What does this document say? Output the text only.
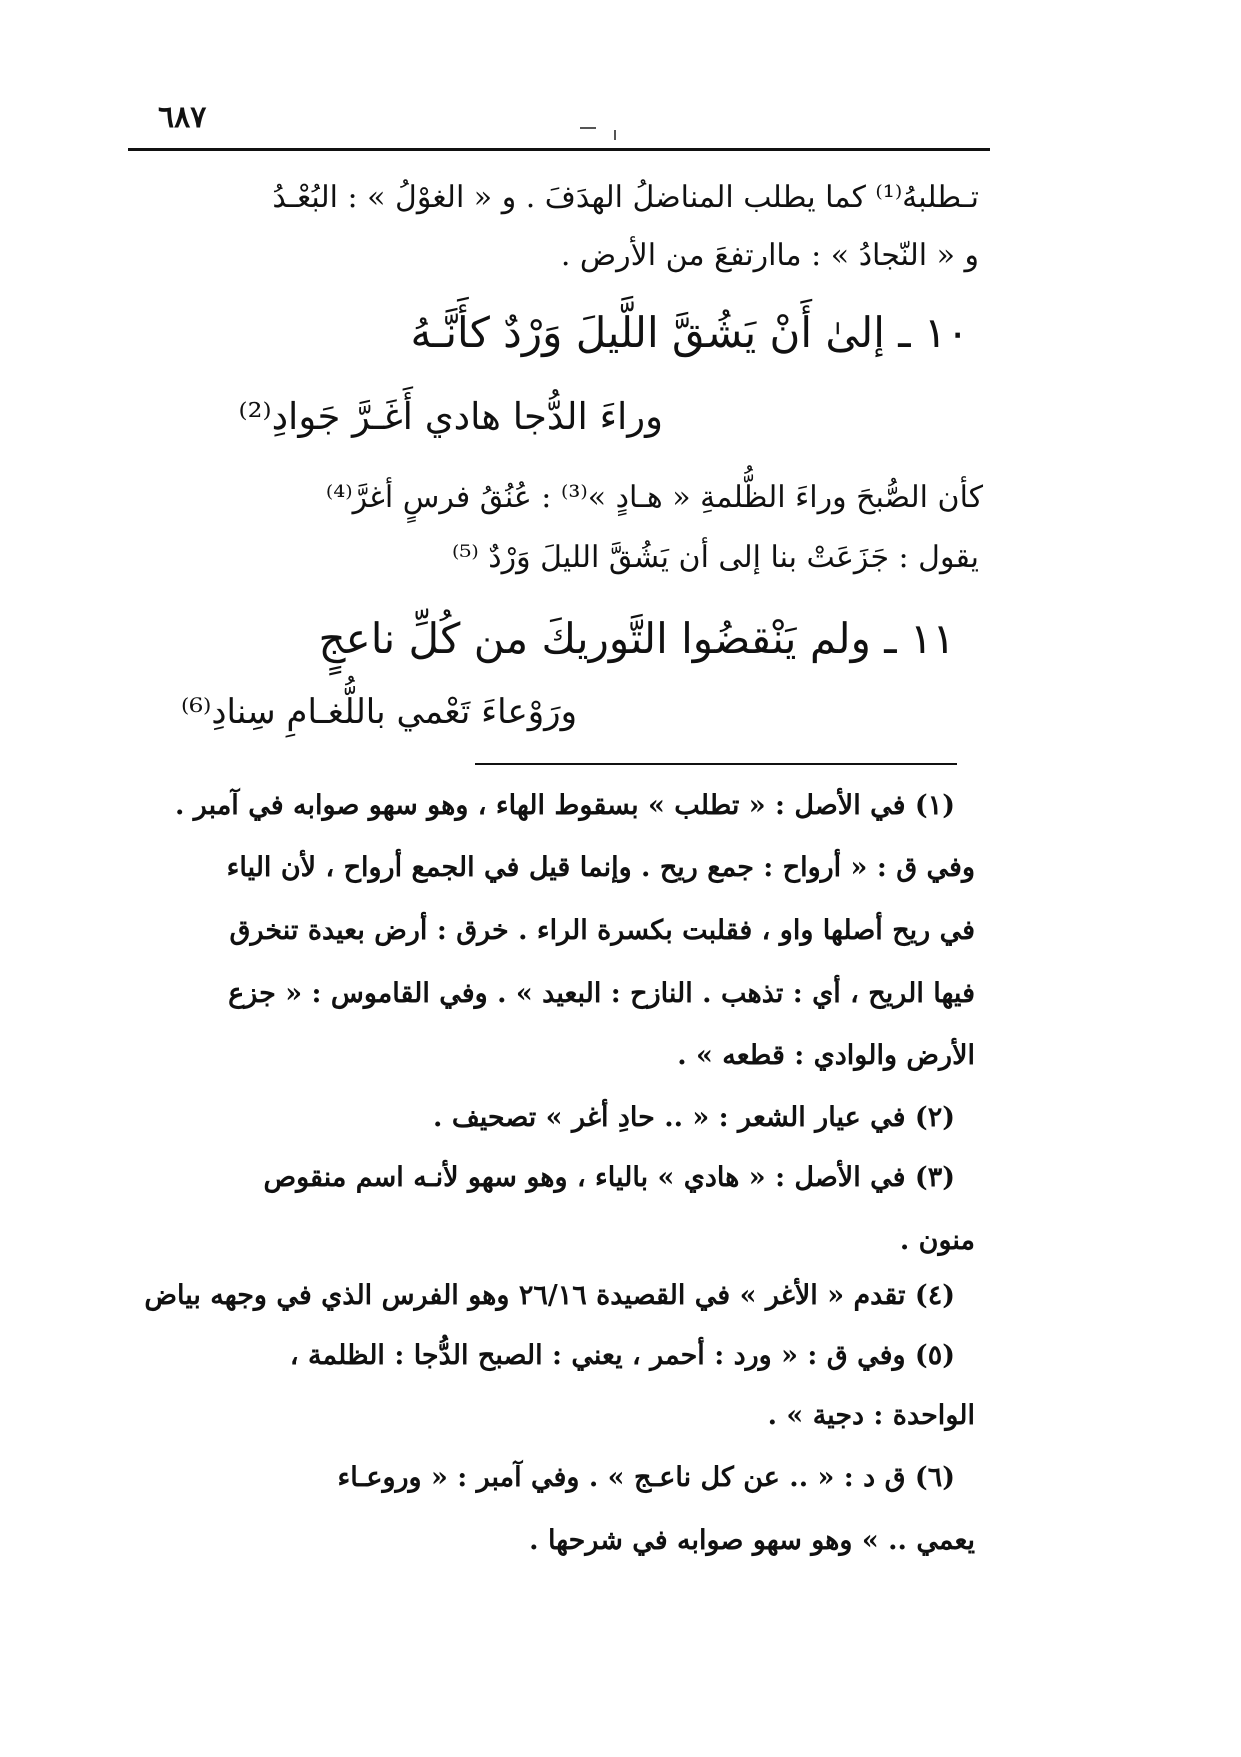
٦٨٧
تـطلبهُ⁽¹⁾ كما يطلب المناضلُ الهدَفَ . و « الغوْلُ » : البُعْـدُ
و « النّجادُ » : ماارتفعَ من الأرض .
١٠ ـ إلىٰ أَنْ يَشُقَّ اللَّيلَ وَرْدٌ كأَنَّـهُ
وراءَ الدُّجا هادي أَغَـرَّ جَوادِ⁽²⁾
كأن الصُّبحَ وراءَ الظُّلمةِ « هـادٍ »⁽³⁾ : عُنُقُ فرسٍ أغرَّ⁽⁴⁾
يقول : جَزَعَتْ بنا إلى أن يَشُقَّ الليلَ وَرْدٌ ⁽⁵⁾
١١ ـ ولم يَنْقضُوا التَّوريكَ من كُلِّ ناعجٍ
ورَوْعاءَ تَعْمي باللُّغـامِ سِنادِ⁽⁶⁾
(١) في الأصل : « تطلب » بسقوط الهاء ، وهو سهو صوابه في آمبر .
وفي ق : « أرواح : جمع ريح . وإنما قيل في الجمع أرواح ، لأن الياء
في ريح أصلها واو ، فقلبت بكسرة الراء . خرق : أرض بعيدة تنخرق
فيها الريح ، أي : تذهب . النازح : البعيد » . وفي القاموس : « جزع
الأرض والوادي : قطعه » .
(٢) في عيار الشعر : « .. حادِ أغر » تصحيف .
(٣) في الأصل : « هادي » بالياء ، وهو سهو لأنـه اسم منقوص
منون .
(٤) تقدم « الأغر » في القصيدة ٢٦/١٦ وهو الفرس الذي في وجهه بياض
(٥) وفي ق : « ورد : أحمر ، يعني : الصبح الدُّجا : الظلمة ،
الواحدة : دجية » .
(٦) ق د : « .. عن كل ناعـج » . وفي آمبر : « وروعـاء
يعمي .. » وهو سهو صوابه في شرحها .
